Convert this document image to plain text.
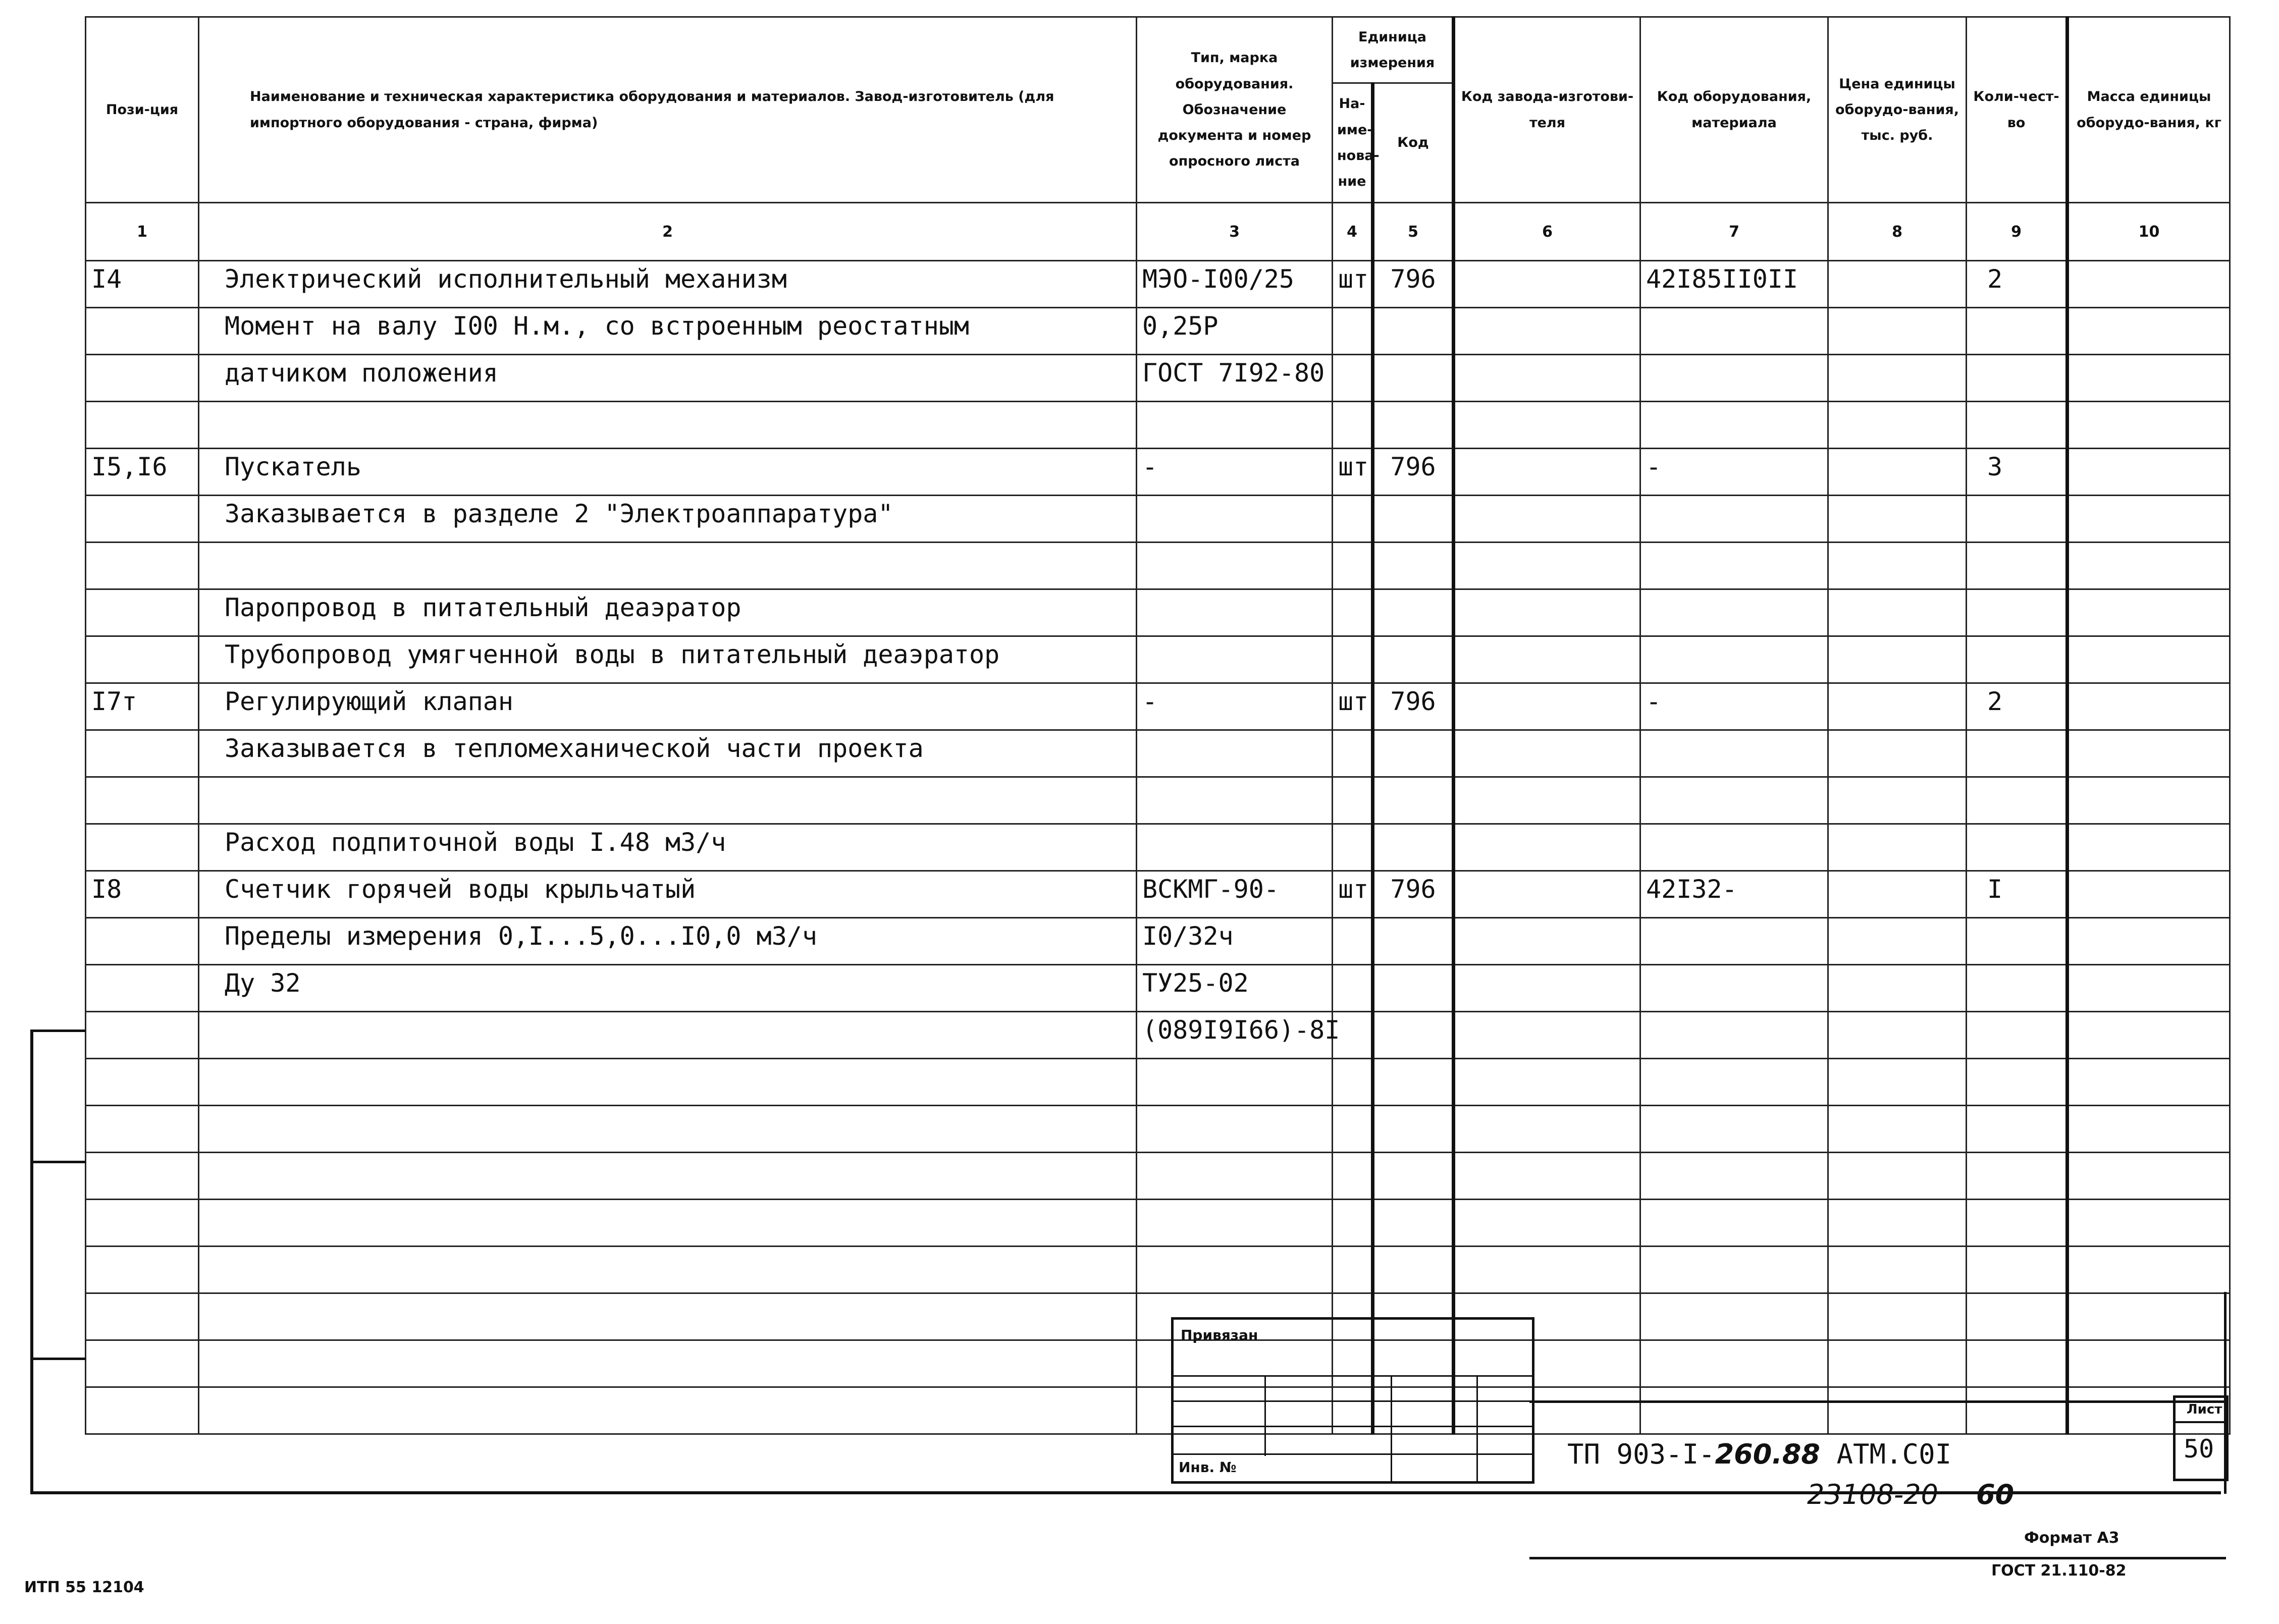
Пози-ция	Наименование и техническая характеристика оборудования и материалов. Завод-изготовитель (для импортного оборудования - страна, фирма)	Тип, марка оборудования. Обозначение документа и номер опросного листа	Единица измерения		Код завода-изготови-теля	Код оборудования, материала	Цена единицы оборудо-вания, тыс. руб.	Коли-чест-во	Масса единицы оборудо-вания, кг
			На-име-нова-ние	Код					
1	2	3	4	5	6	7	8	9	10
I4	Электрический исполнительный механизм	МЭО-I00/25	шт	796		42I85II0II		2	
	Момент на валу I00 Н.м., со встроенным реостатным	0,25Р							
	датчиком положения	ГОСТ 7I92-80							

I5,I6	Пускатель	-	шт	796		-		3	
	Заказывается в разделе 2 "Электроаппаратура"								

	Паропровод в питательный деаэратор								
	Трубопровод умягченной воды в питательный деаэратор								
I7т	Регулирующий клапан	-	шт	796		-		2	
	Заказывается в тепломеханической части проекта								

	Расход подпиточной воды I.48 м3/ч								
I8	Счетчик горячей воды крыльчатый	ВСКМГ-90-	шт	796		42I32-		I	
	Пределы измерения 0,I...5,0...I0,0 м3/ч	I0/32ч							
	Ду 32	ТУ25-02							
		(089I9I66)-8I							

Привязан
Инв. №	ТП 903-I-260.88 АТМ.С0I
Лист
50
23108-20 60
Формат А3
ГОСТ 21.110-82
ИТП 55 12104
